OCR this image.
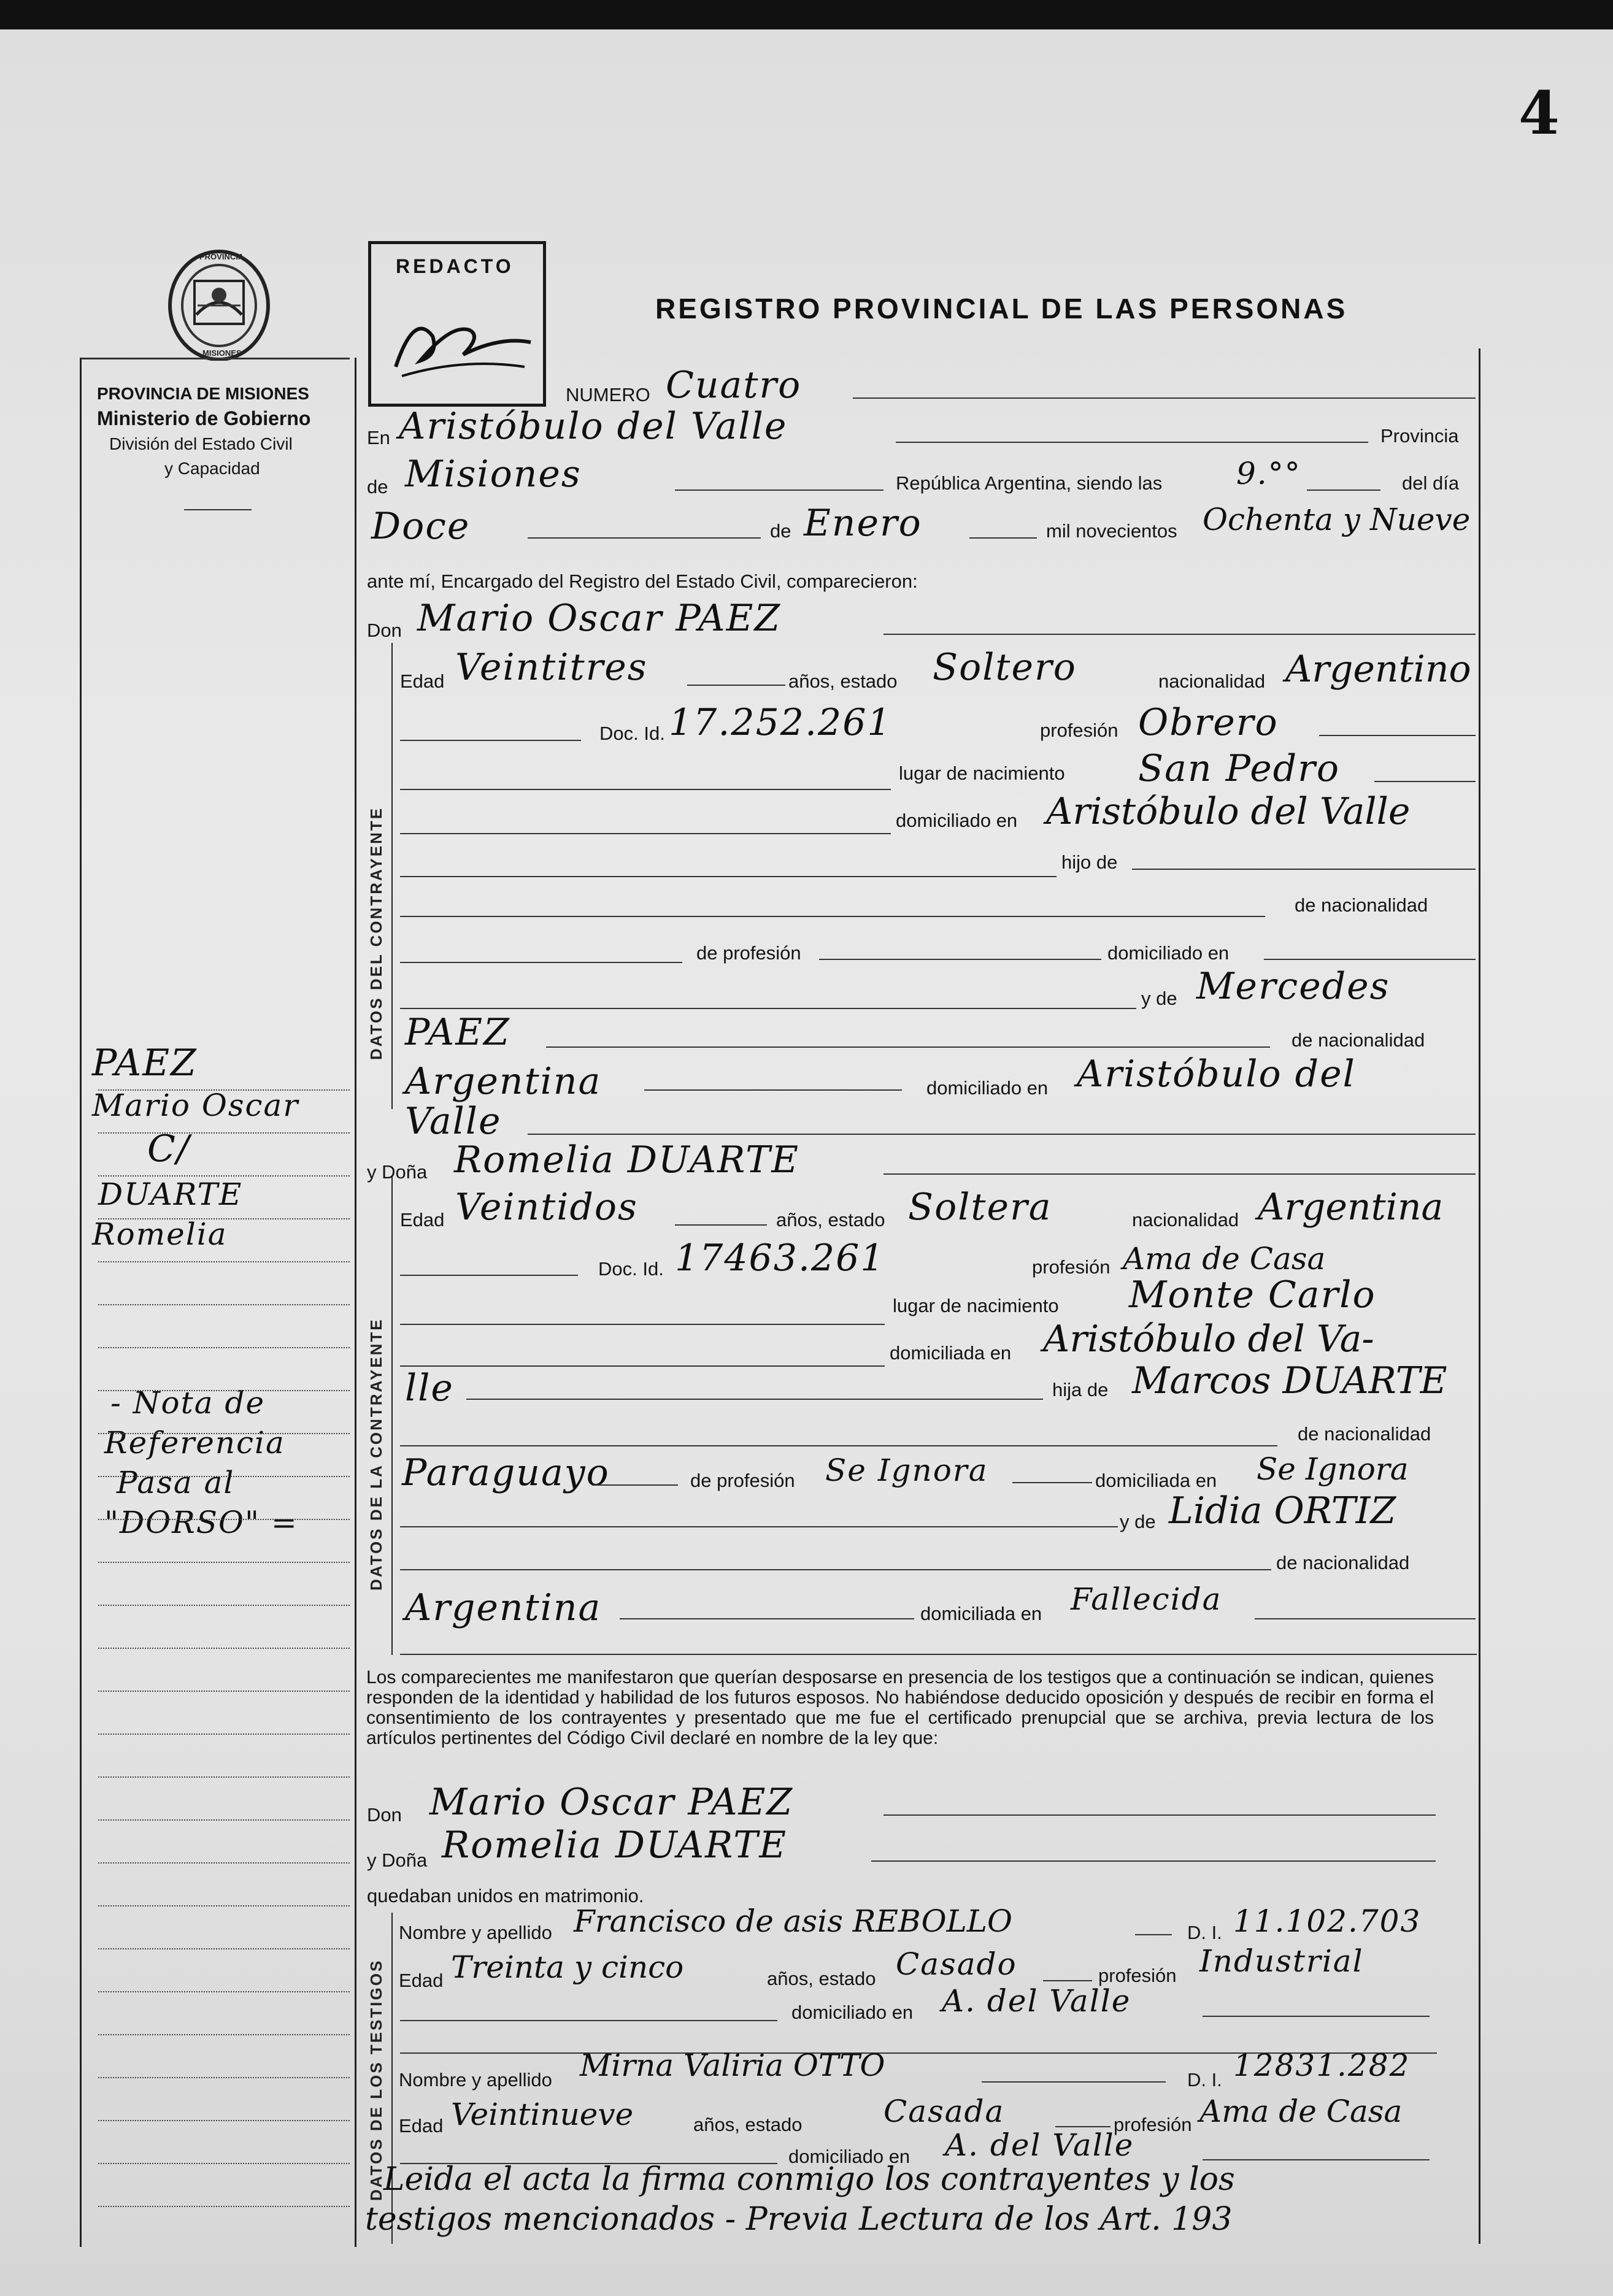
4
PROVINCIA
MISIONES
PROVINCIA DE MISIONES
Ministerio de Gobierno
División del Estado Civil
y Capacidad
REDACTO
REGISTRO PROVINCIAL DE LAS PERSONAS
DATOS DEL CONTRAYENTE
DATOS DE LA CONTRAYENTE
DATOS DE LOS TESTIGOS
NUMERO Cuatro
En Aristóbulo del Valle	Provincia
de Misiones	República Argentina, siendo las 9.°°	del día
Doce	de Enero	mil novecientos Ochenta y Nueve
ante mí, Encargado del Registro del Estado Civil, comparecieron:
Don Mario Oscar PAEZ
Edad Veintitres	años, estado Soltero	nacionalidad Argentino
Doc. Id. 17.252.261	profesión Obrero
lugar de nacimiento San Pedro
domiciliado en Aristóbulo del Valle
hijo de
de nacionalidad
de profesión	domiciliado en
y de Mercedes
PAEZ	de nacionalidad
Argentina	domiciliado en Aristóbulo del
Valle
y Doña Romelia DUARTE
Edad Veintidos	años, estado Soltera	nacionalidad Argentina
Doc. Id. 17463.261	profesión Ama de Casa
lugar de nacimiento Monte Carlo
domiciliada en Aristóbulo del Va-
lle	hija de Marcos DUARTE
de nacionalidad
Paraguayo	de profesión Se Ignora	domiciliada en Se Ignora
y de Lidia ORTIZ
de nacionalidad
Argentina	domiciliada en Fallecida
Los comparecientes me manifestaron que querían desposarse en presencia de los testigos que a continuación se indican, quienes responden de la identidad y habilidad de los futuros esposos. No habiéndose deducido oposición y después de recibir en forma el consentimiento de los contrayentes y presentado que me fue el certificado prenupcial que se archiva, previa lectura de los artículos pertinentes del Código Civil declaré en nombre de la ley que:
Don Mario Oscar PAEZ
y Doña Romelia DUARTE
quedaban unidos en matrimonio.
Nombre y apellido Francisco de asis REBOLLO	D. I. 11.102.703
Edad Treinta y cinco	años, estado Casado	profesión Industrial
domiciliado en A. del Valle
Nombre y apellido Mirna Valiria OTTO	D. I. 12831.282
Edad Veintinueve	años, estado	Casada	profesión Ama de Casa
domiciliado en A. del Valle
Leida el acta la firma conmigo los contrayentes y los
testigos mencionados - Previa Lectura de los Art. 193
PAEZ
Mario Oscar
C/
DUARTE
Romelia
- Nota de
Referencia
Pasa al
"DORSO" =
